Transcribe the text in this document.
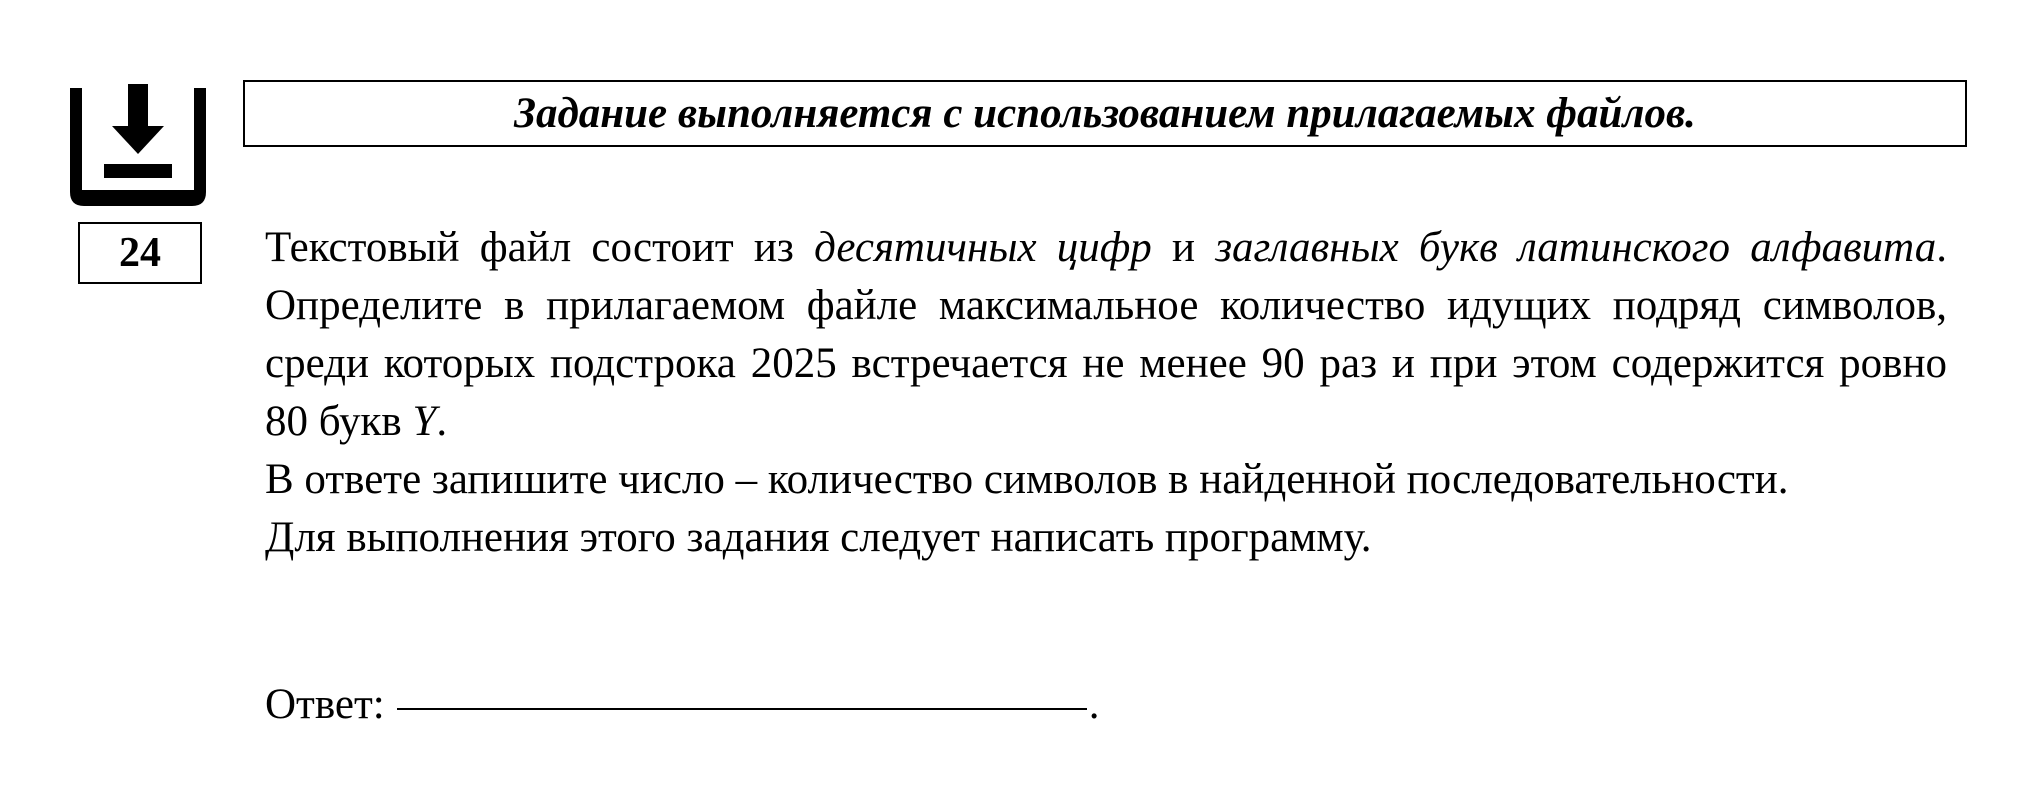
24
Задание выполняется с использованием прилагаемых файлов.

Текстовый файл состоит из десятичных цифр и заглавных букв латинского алфавита. Определите в прилагаемом файле максимальное количество идущих подряд символов, среди которых подстрока 2025 встречается не менее 90 раз и при этом содержится ровно 80 букв Y.

В ответе запишите число – количество символов в найденной последовательности.

Для выполнения этого задания следует написать программу.

Ответ:	.
